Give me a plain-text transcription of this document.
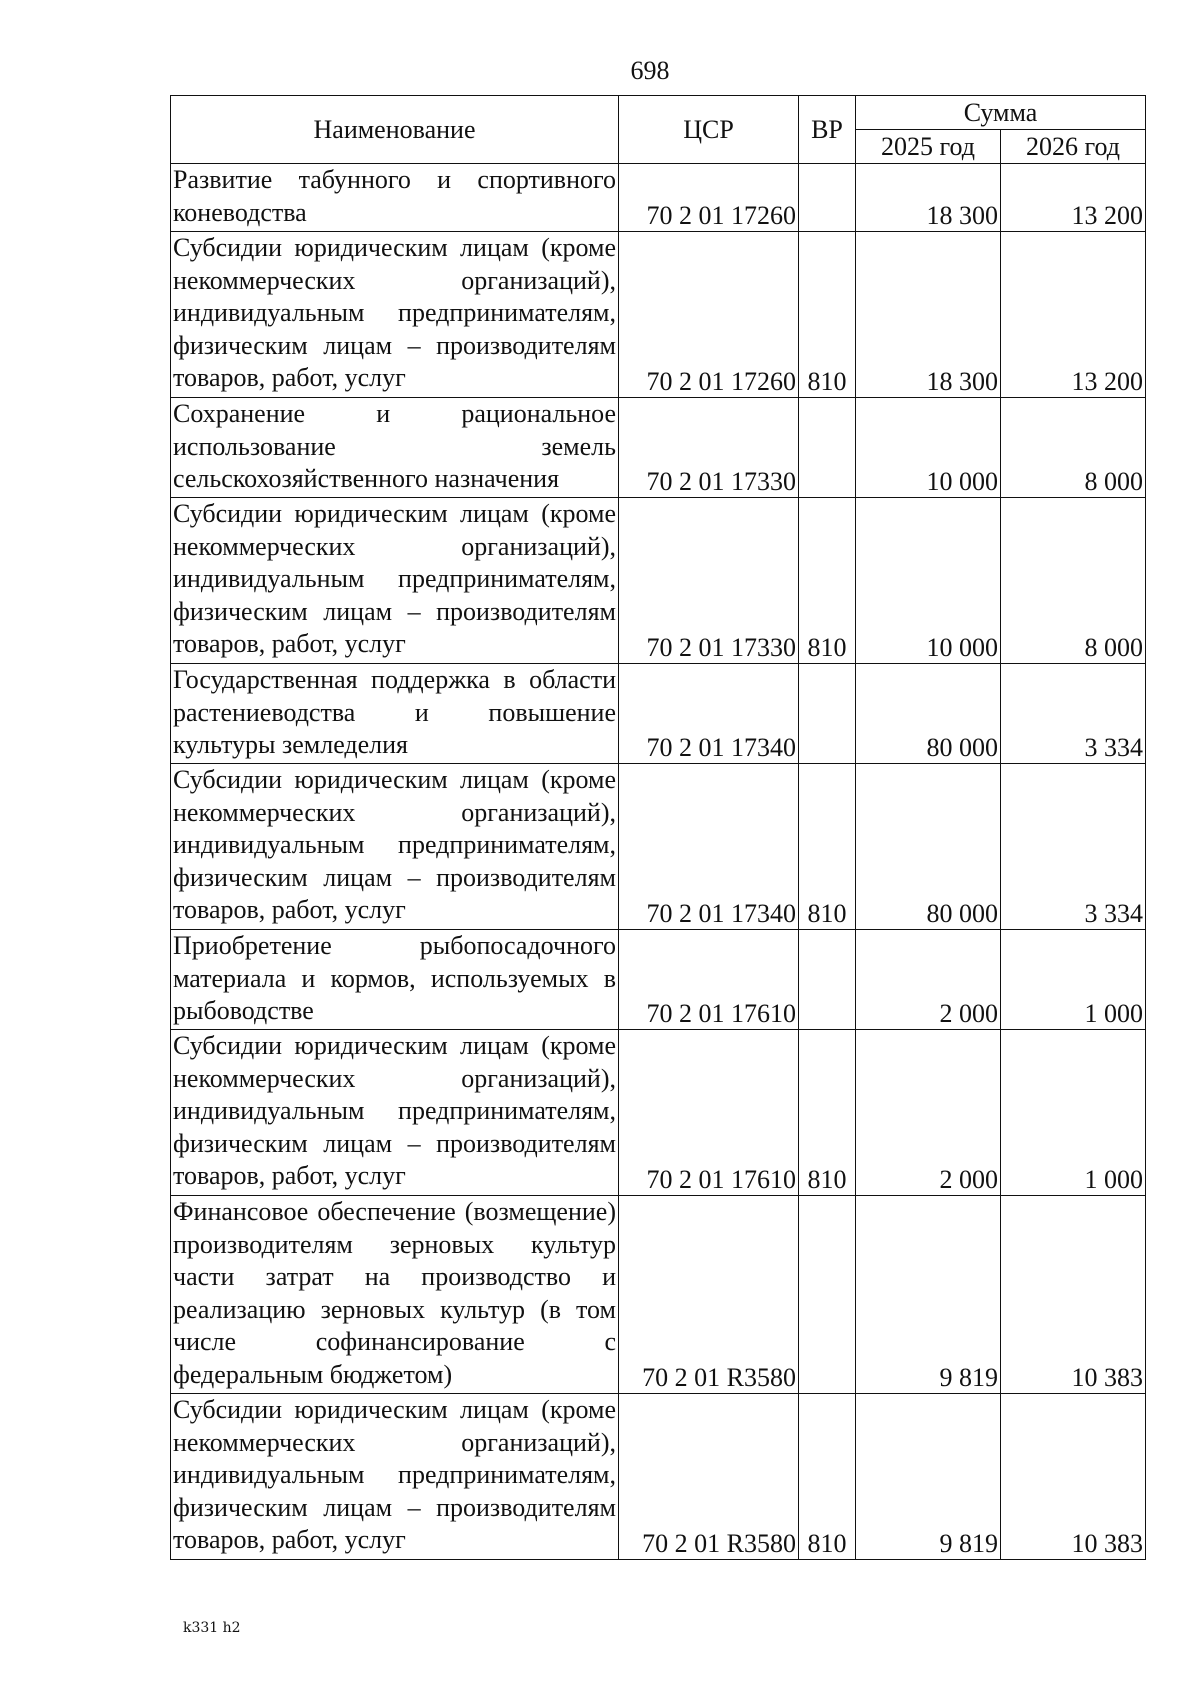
698
Наименование	ЦСР	ВР	Сумма	
			2025 год	2026 год
Развитие табунного и спортивного коневодства	70 2 01 17260		18 300	13 200
Субсидии юридическим лицам (кроме некоммерческих организаций), индивидуальным предпринимателям, физическим лицам – производителям товаров, работ, услуг	70 2 01 17260	810	18 300	13 200
Сохранение и рациональное использование земель сельскохозяйственного назначения	70 2 01 17330		10 000	8 000
Субсидии юридическим лицам (кроме некоммерческих организаций), индивидуальным предпринимателям, физическим лицам – производителям товаров, работ, услуг	70 2 01 17330	810	10 000	8 000
Государственная поддержка в области растениеводства и повышение культуры земледелия	70 2 01 17340		80 000	3 334
Субсидии юридическим лицам (кроме некоммерческих организаций), индивидуальным предпринимателям, физическим лицам – производителям товаров, работ, услуг	70 2 01 17340	810	80 000	3 334
Приобретение рыбопосадочного материала и кормов, используемых в рыбоводстве	70 2 01 17610		2 000	1 000
Субсидии юридическим лицам (кроме некоммерческих организаций), индивидуальным предпринимателям, физическим лицам – производителям товаров, работ, услуг	70 2 01 17610	810	2 000	1 000
Финансовое обеспечение (возмещение) производителям зерновых культур части затрат на производство и реализацию зерновых культур (в том числе софинансирование с федеральным бюджетом)	70 2 01 R3580		9 819	10 383
Субсидии юридическим лицам (кроме некоммерческих организаций), индивидуальным предпринимателям, физическим лицам – производителям товаров, работ, услуг	70 2 01 R3580	810	9 819	10 383
k331 h2
